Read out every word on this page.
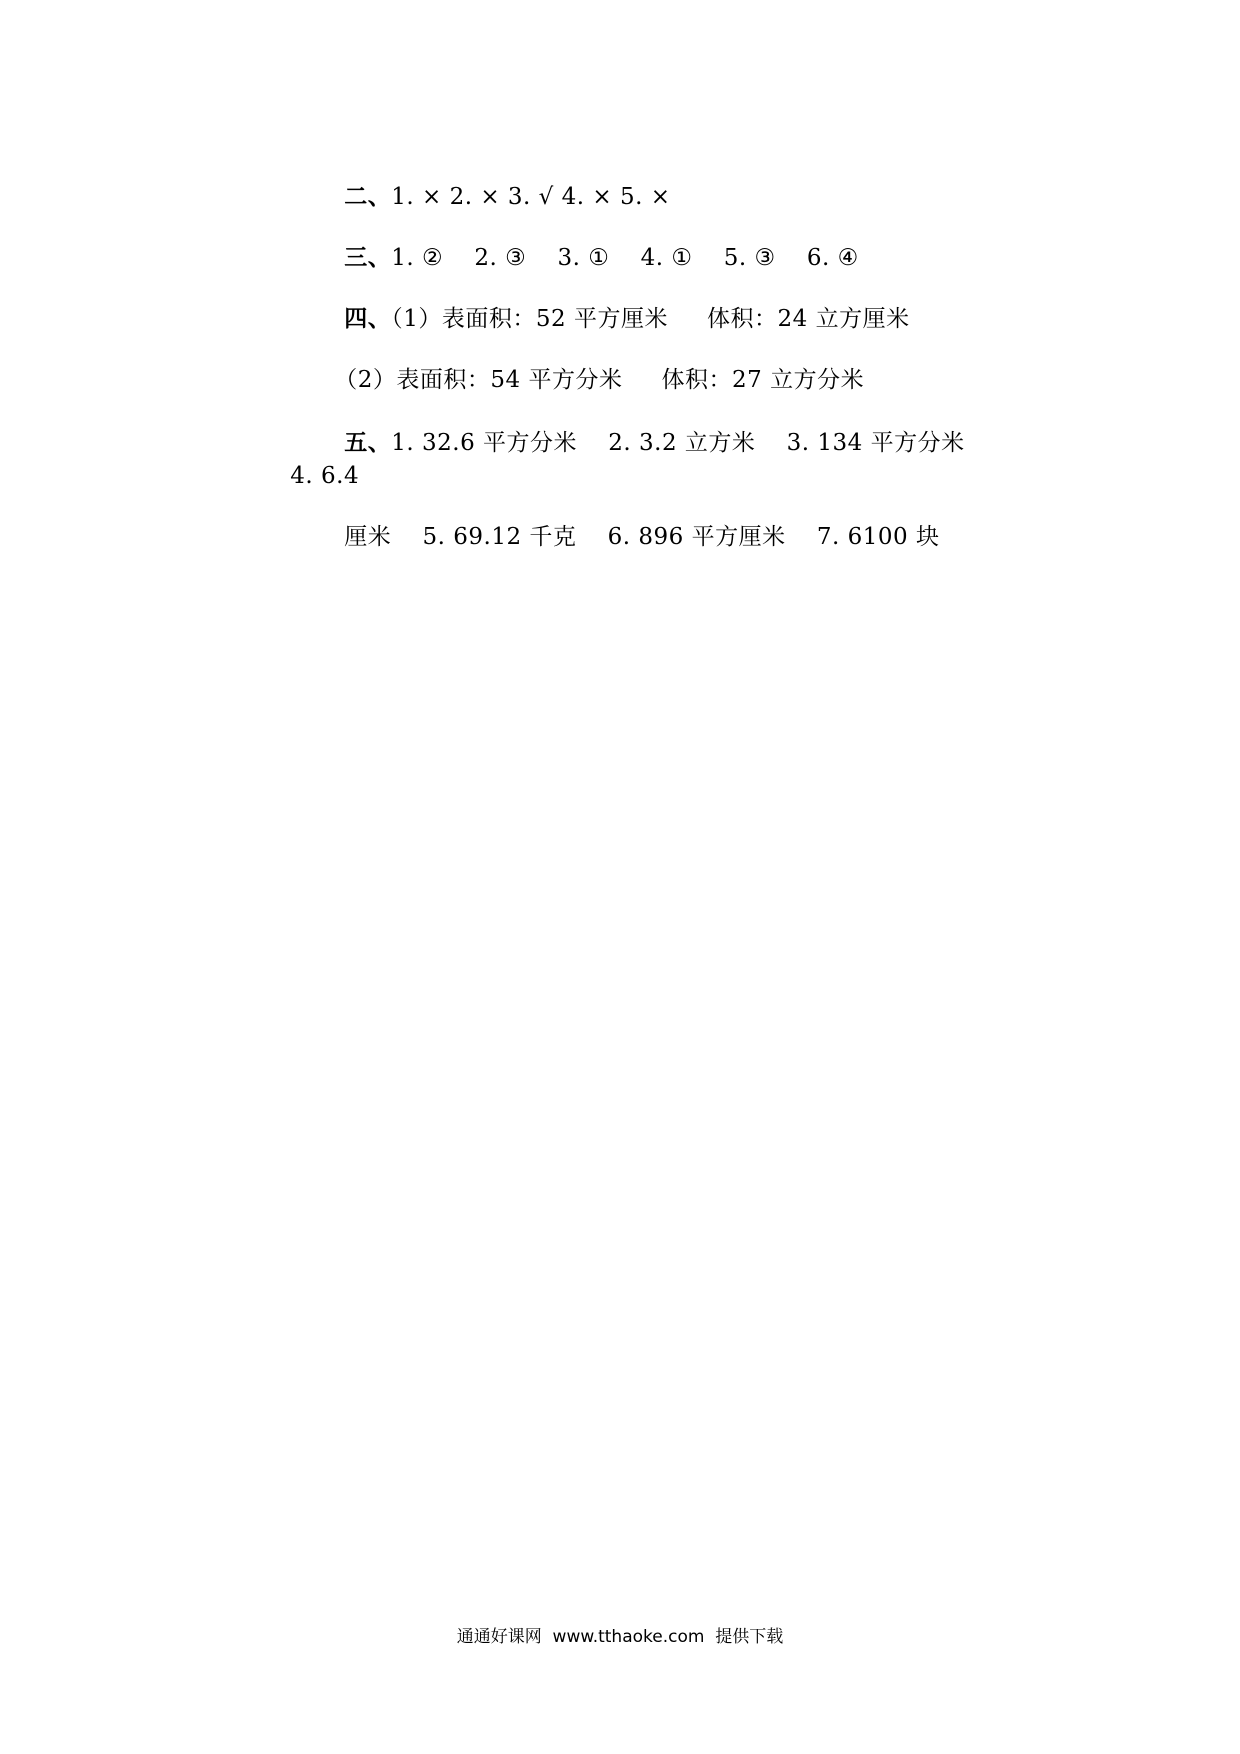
二、1. × 2. × 3. √ 4. × 5. ×

三、1. ②    2. ③    3. ①    4. ①    5. ③    6. ④

四、（1）表面积：52 平方厘米     体积：24 立方厘米

（2）表面积：54 平方分米     体积：27 立方分米

五、1. 32.6 平方分米    2. 3.2 立方米    3. 134 平方分米

4. 6.4

厘米    5. 69.12 千克    6. 896 平方厘米    7. 6100 块

通通好课网  www.tthaoke.com  提供下载
